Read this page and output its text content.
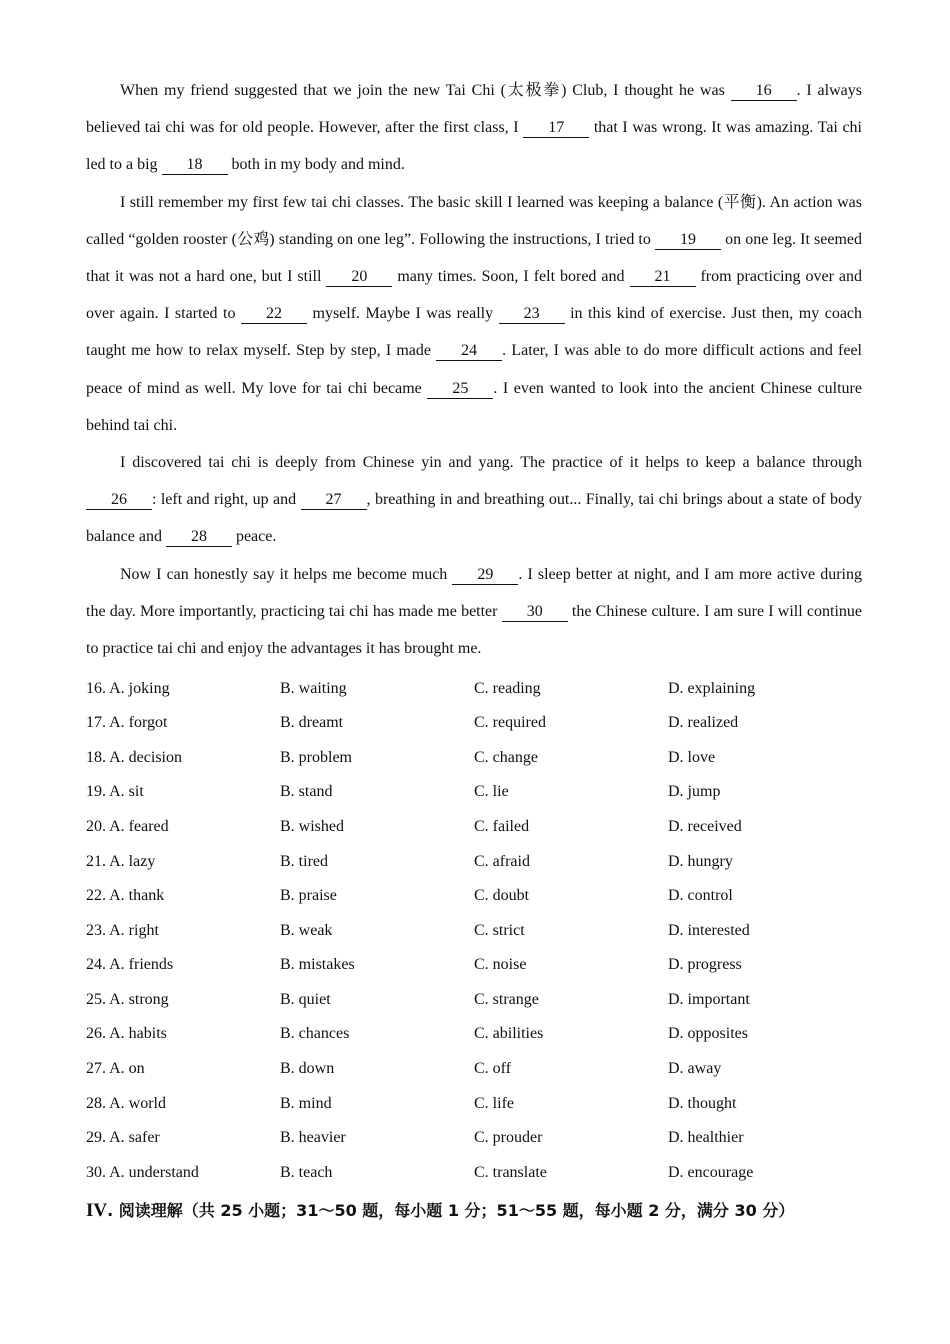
When my friend suggested that we join the new Tai Chi (太极拳) Club, I thought he was 16 . I always believed tai chi was for old people. However, after the first class, I 17 that I was wrong. It was amazing. Tai chi led to a big 18 both in my body and mind.

I still remember my first few tai chi classes. The basic skill I learned was keeping a balance (平衡). An action was called “golden rooster (公鸡) standing on one leg”. Following the instructions, I tried to 19 on one leg. It seemed that it was not a hard one, but I still 20 many times. Soon, I felt bored and 21 from practicing over and over again. I started to 22 myself. Maybe I was really 23 in this kind of exercise. Just then, my coach taught me how to relax myself. Step by step, I made 24 . Later, I was able to do more difficult actions and feel peace of mind as well. My love for tai chi became 25 . I even wanted to look into the ancient Chinese culture behind tai chi.

I discovered tai chi is deeply from Chinese yin and yang. The practice of it helps to keep a balance through 26 : left and right, up and 27 , breathing in and breathing out... Finally, tai chi brings about a state of body balance and 28 peace.

Now I can honestly say it helps me become much 29 . I sleep better at night, and I am more active during the day. More importantly, practicing tai chi has made me better 30 the Chinese culture. I am sure I will continue to practice tai chi and enjoy the advantages it has brought me.

16. A. joking	B. waiting	C. reading	D. explaining
17. A. forgot	B. dreamt	C. required	D. realized
18. A. decision	B. problem	C. change	D. love
19. A. sit	B. stand	C. lie	D. jump
20. A. feared	B. wished	C. failed	D. received
21. A. lazy	B. tired	C. afraid	D. hungry
22. A. thank	B. praise	C. doubt	D. control
23. A. right	B. weak	C. strict	D. interested
24. A. friends	B. mistakes	C. noise	D. progress
25. A. strong	B. quiet	C. strange	D. important
26. A. habits	B. chances	C. abilities	D. opposites
27. A. on	B. down	C. off	D. away
28. A. world	B. mind	C. life	D. thought
29. A. safer	B. heavier	C. prouder	D. healthier
30. A. understand	B. teach	C. translate	D. encourage
IV. 阅读理解（共 25 小题；31～50 题，每小题 1 分；51～55 题，每小题 2 分，满分 30 分）
